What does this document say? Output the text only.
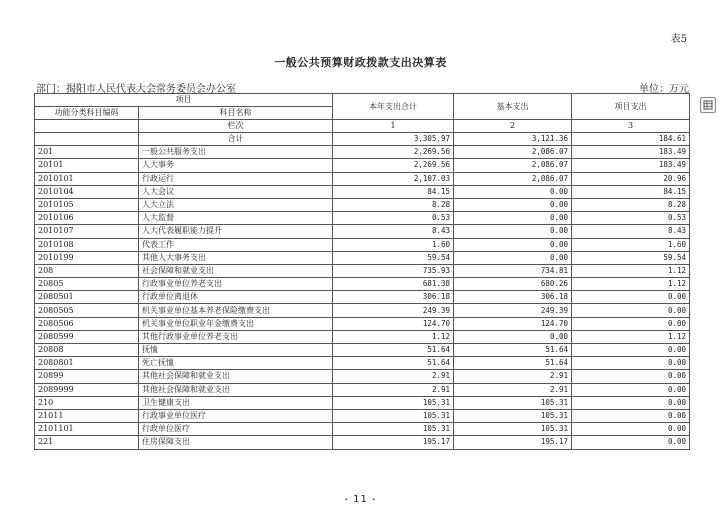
表5
一般公共预算财政拨款支出决算表
部门：揭阳市人民代表大会常务委员会办公室	单位：万元
项目		本年支出合计	基本支出	项目支出
功能分类科目编码	科目名称			
	栏次	1	2	3
	合计	3,305.97	3,121.36	184.61
201	一般公共服务支出	2,269.56	2,086.07	183.49
20101	人大事务	2,269.56	2,086.07	183.49
2010101	行政运行	2,107.03	2,086.07	20.96
2010104	人大会议	84.15	0.00	84.15
2010105	人大立法	8.28	0.00	8.28
2010106	人大监督	0.53	0.00	0.53
2010107	人大代表履职能力提升	8.43	0.00	8.43
2010108	代表工作	1.60	0.00	1.60
2010199	其他人大事务支出	59.54	0.00	59.54
208	社会保障和就业支出	735.93	734.81	1.12
20805	行政事业单位养老支出	681.38	680.26	1.12
2080501	行政单位离退休	306.18	306.18	0.00
2080505	机关事业单位基本养老保险缴费支出	249.39	249.39	0.00
2080506	机关事业单位职业年金缴费支出	124.70	124.70	0.00
2080599	其他行政事业单位养老支出	1.12	0.00	1.12
20808	抚恤	51.64	51.64	0.00
2080801	死亡抚恤	51.64	51.64	0.00
20899	其他社会保障和就业支出	2.91	2.91	0.00
2089999	其他社会保障和就业支出	2.91	2.91	0.00
210	卫生健康支出	105.31	105.31	0.00
21011	行政事业单位医疗	105.31	105.31	0.00
2101101	行政单位医疗	105.31	105.31	0.00
221	住房保障支出	195.17	195.17	0.00
- 11 -
